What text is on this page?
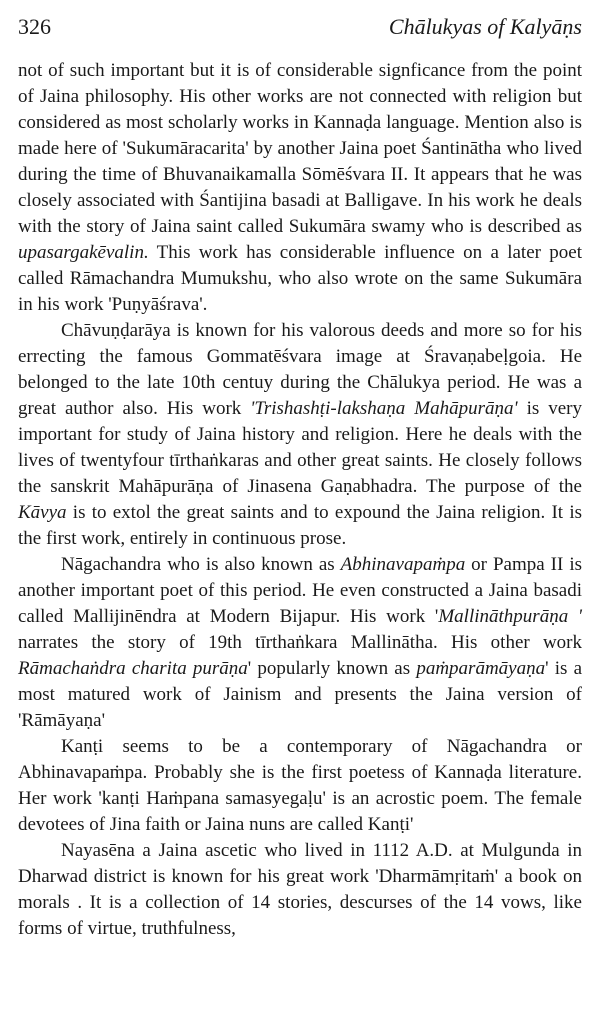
326	Chālukyas of Kalyāṇs

not of such important but it is of considerable signficance from the point of Jaina philosophy. His other works are not connected with religion but considered as most scholarly works in Kannaḍa language. Mention also is made here of 'Sukumāracarita' by another Jaina poet Śantinātha who lived during the time of Bhuvanaikamalla Sōmēśvara II. It appears that he was closely associated with Śantijina basadi at Balligave. In his work he deals with the story of Jaina saint called Sukumāra swamy who is described as upasargakēvalin. This work has considerable influence on a later poet called Rāmachandra Mumukshu, who also wrote on the same Sukumāra in his work 'Puṇyāśrava'.

Chāvuṇḍarāya is known for his valorous deeds and more so for his errecting the famous Gommatēśvara image at Śravaṇabeḷgoia. He belonged to the late 10th centuy during the Chālukya period. He was a great author also. His work 'Trishashṭi-lakshaṇa Mahāpurāṇa' is very important for study of Jaina history and religion. Here he deals with the lives of twentyfour tīrthaṅkaras and other great saints. He closely follows the sanskrit Mahāpurāṇa of Jinasena Gaṇabhadra. The purpose of the Kāvya is to extol the great saints and to expound the Jaina religion. It is the first work, entirely in continuous prose.

Nāgachandra who is also known as Abhinavapaṁpa or Pampa II is another important poet of this period. He even constructed a Jaina basadi called Mallijinēndra at Modern Bijapur. His work 'Mallināthpurāṇa ' narrates the story of 19th tīrthaṅkara Mallinātha. His other work Rāmachaṅdra charita purāṇa' popularly known as paṁparāmāyaṇa' is a most matured work of Jainism and presents the Jaina version of 'Rāmāyaṇa'

Kanṭi seems to be a contemporary of Nāgachandra or Abhinavapaṁpa. Probably she is the first poetess of Kannaḍa literature. Her work 'kanṭi Haṁpana samasyegaḷu' is an acrostic poem. The female devotees of Jina faith or Jaina nuns are called Kanṭi'

Nayasēna a Jaina ascetic who lived in 1112 A.D. at Mulgunda in Dharwad district is known for his great work 'Dharmāmṛitaṁ' a book on morals . It is a collection of 14 stories, descurses of the 14 vows, like forms of virtue, truthfulness,
